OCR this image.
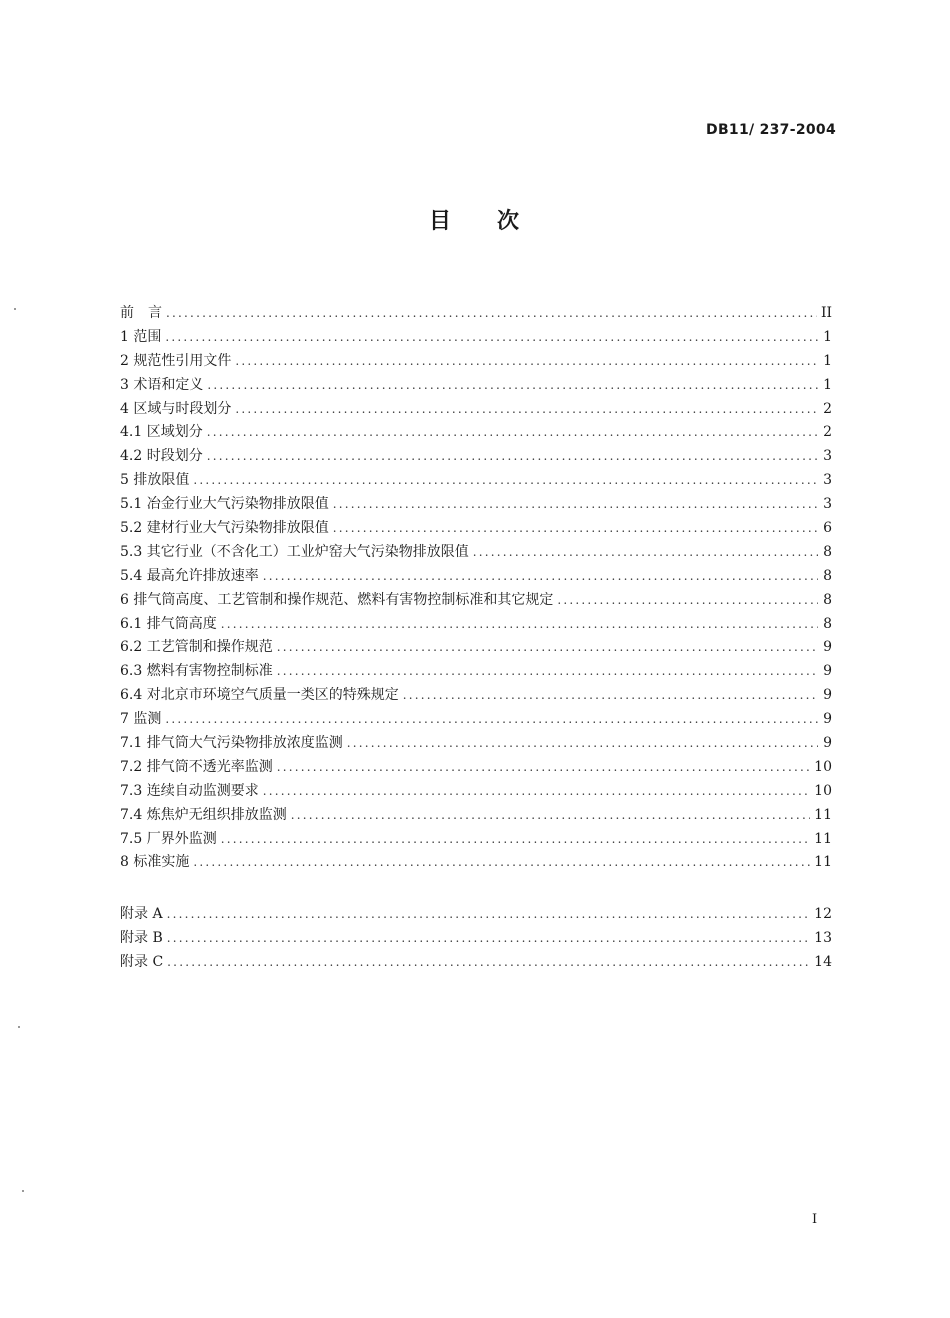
DB11/ 237-2004
目 次
前　言 .....	II
1 范围 .....	1
2 规范性引用文件 .....	1
3 术语和定义 .....	1
4 区域与时段划分 .....	2
4.1 区域划分 .....	2
4.2 时段划分 .....	3
5 排放限值 .....	3
5.1 冶金行业大气污染物排放限值 .....	3
5.2 建材行业大气污染物排放限值 .....	6
5.3 其它行业（不含化工）工业炉窑大气污染物排放限值 .....	8
5.4 最高允许排放速率 .....	8
6 排气筒高度、工艺管制和操作规范、燃料有害物控制标准和其它规定 .....	8
6.1 排气筒高度 .....	8
6.2 工艺管制和操作规范 .....	9
6.3 燃料有害物控制标准 .....	9
6.4 对北京市环境空气质量一类区的特殊规定 .....	9
7 监测 .....	9
7.1 排气筒大气污染物排放浓度监测 .....	9
7.2 排气筒不透光率监测 .....	10
7.3 连续自动监测要求 .....	10
7.4 炼焦炉无组织排放监测 .....	11
7.5 厂界外监测 .....	11
8 标准实施 .....	11
附录 A .....	12
附录 B .....	13
附录 C .....	14
I
